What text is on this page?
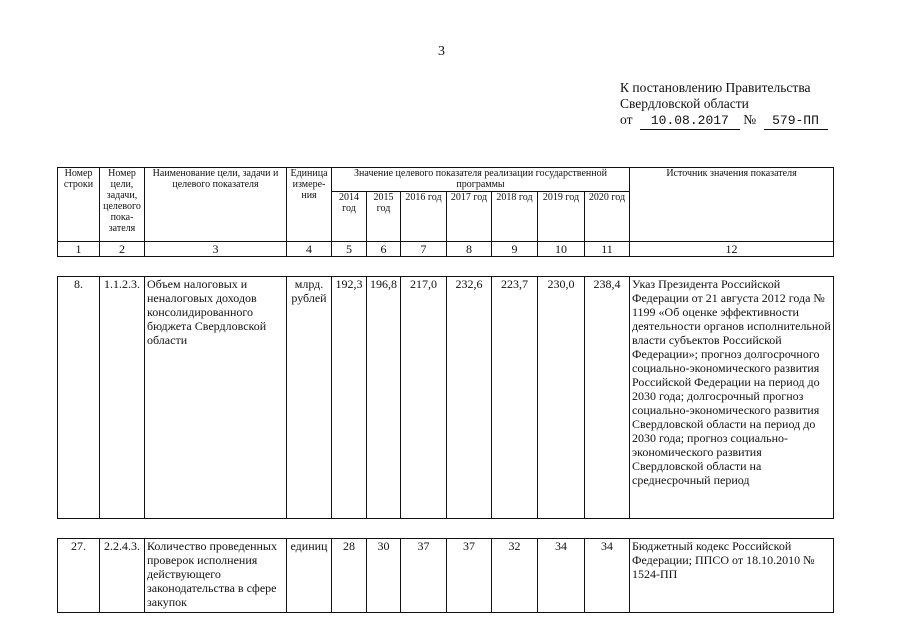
3
К постановлению Правительства
Свердловской области
от 10.08.2017 № 579-ПП
Номер строки	Номер цели, задачи, целевого пока-зателя	Наименование цели, задачи и целевого показателя	Единица измере-ния	Значение целевого показателя реализации государственной программы							Источник значения показателя
				2014 год	2015 год	2016 год	2017 год	2018 год	2019 год	2020 год	
1	2	3	4	5	6	7	8	9	10	11	12
8.	1.1.2.3.	Объем налоговых и неналоговых доходов консолидированного бюджета Свердловской области	млрд. рублей	192,3	196,8	217,0	232,6	223,7	230,0	238,4	Указ Президента Российской Федерации от 21 августа 2012 года № 1199 «Об оценке эффективности деятельности органов исполнительной власти субъектов Российской Федерации»; прогноз долгосрочного социально-экономического развития Российской Федерации на период до 2030 года; долгосрочный прогноз социально-экономического развития Свердловской области на период до 2030 года; прогноз социально-экономического развития Свердловской области на среднесрочный период
27.	2.2.4.3.	Количество проведенных проверок исполнения действующего законодательства в сфере закупок	единиц	28	30	37	37	32	34	34	Бюджетный кодекс Российской Федерации; ППСО от 18.10.2010 № 1524-ПП
